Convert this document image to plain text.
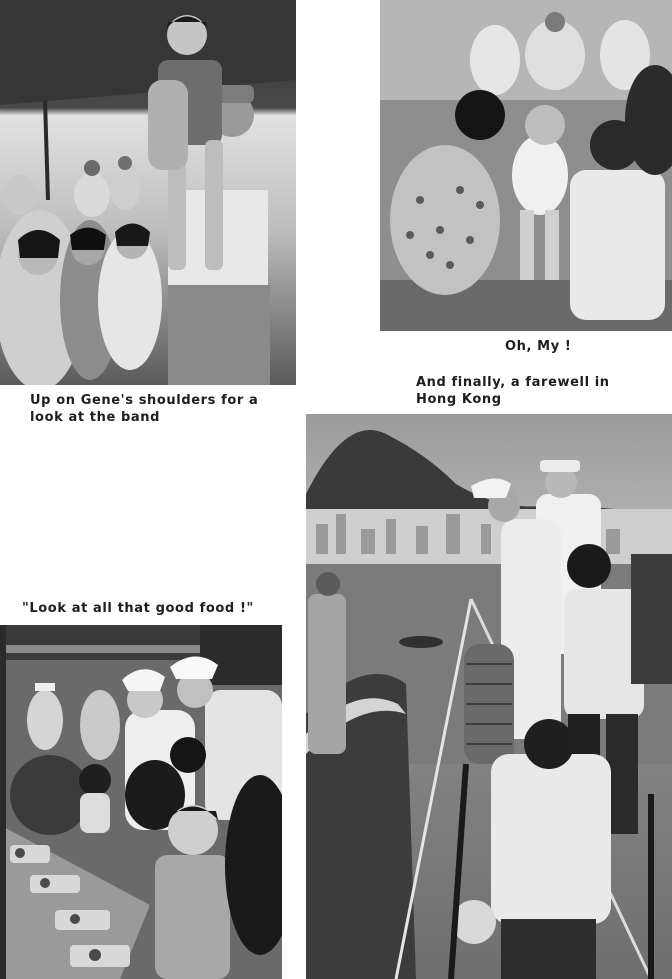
Oh, My !
Up on Gene's shoulders for a look at the band
And finally, a farewell in Hong Kong
"Look at all that good food !"
